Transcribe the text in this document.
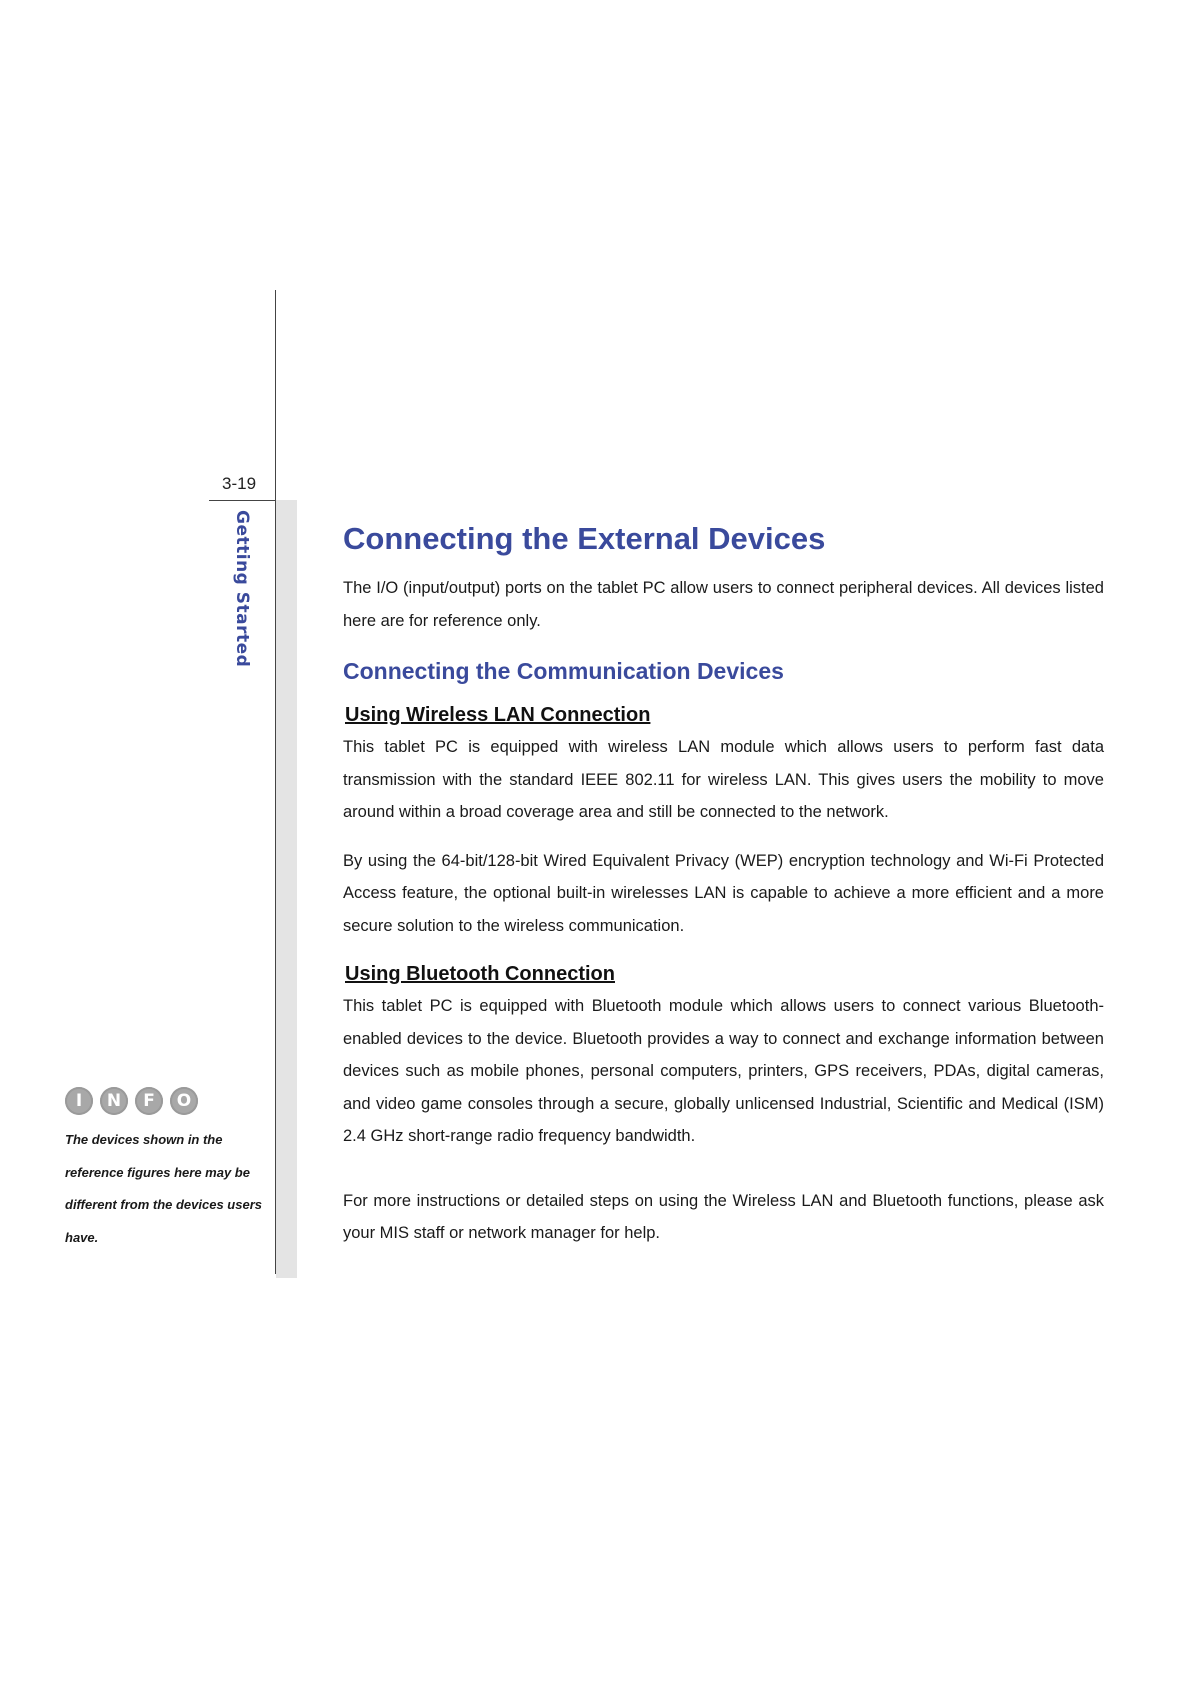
3-19
Getting Started
I	N	F	O
The devices shown in the reference figures here may be different from the devices users have.
Connecting the External Devices

The I/O (input/output) ports on the tablet PC allow users to connect peripheral devices. All devices listed here are for reference only.

Connecting the Communication Devices
Using Wireless LAN Connection

This tablet PC is equipped with wireless LAN module which allows users to perform fast data transmission with the standard IEEE 802.11 for wireless LAN. This gives users the mobility to move around within a broad coverage area and still be connected to the network.

By using the 64-bit/128-bit Wired Equivalent Privacy (WEP) encryption technology and Wi-Fi Protected Access feature, the optional built-in wirelesses LAN is capable to achieve a more efficient and a more secure solution to the wireless communication.

Using Bluetooth Connection

This tablet PC is equipped with Bluetooth module which allows users to connect various Bluetooth-enabled devices to the device. Bluetooth provides a way to connect and exchange information between devices such as mobile phones, personal computers, printers, GPS receivers, PDAs, digital cameras, and video game consoles through a secure, globally unlicensed Industrial, Scientific and Medical (ISM) 2.4 GHz short-range radio frequency bandwidth.

For more instructions or detailed steps on using the Wireless LAN and Bluetooth functions, please ask your MIS staff or network manager for help.
